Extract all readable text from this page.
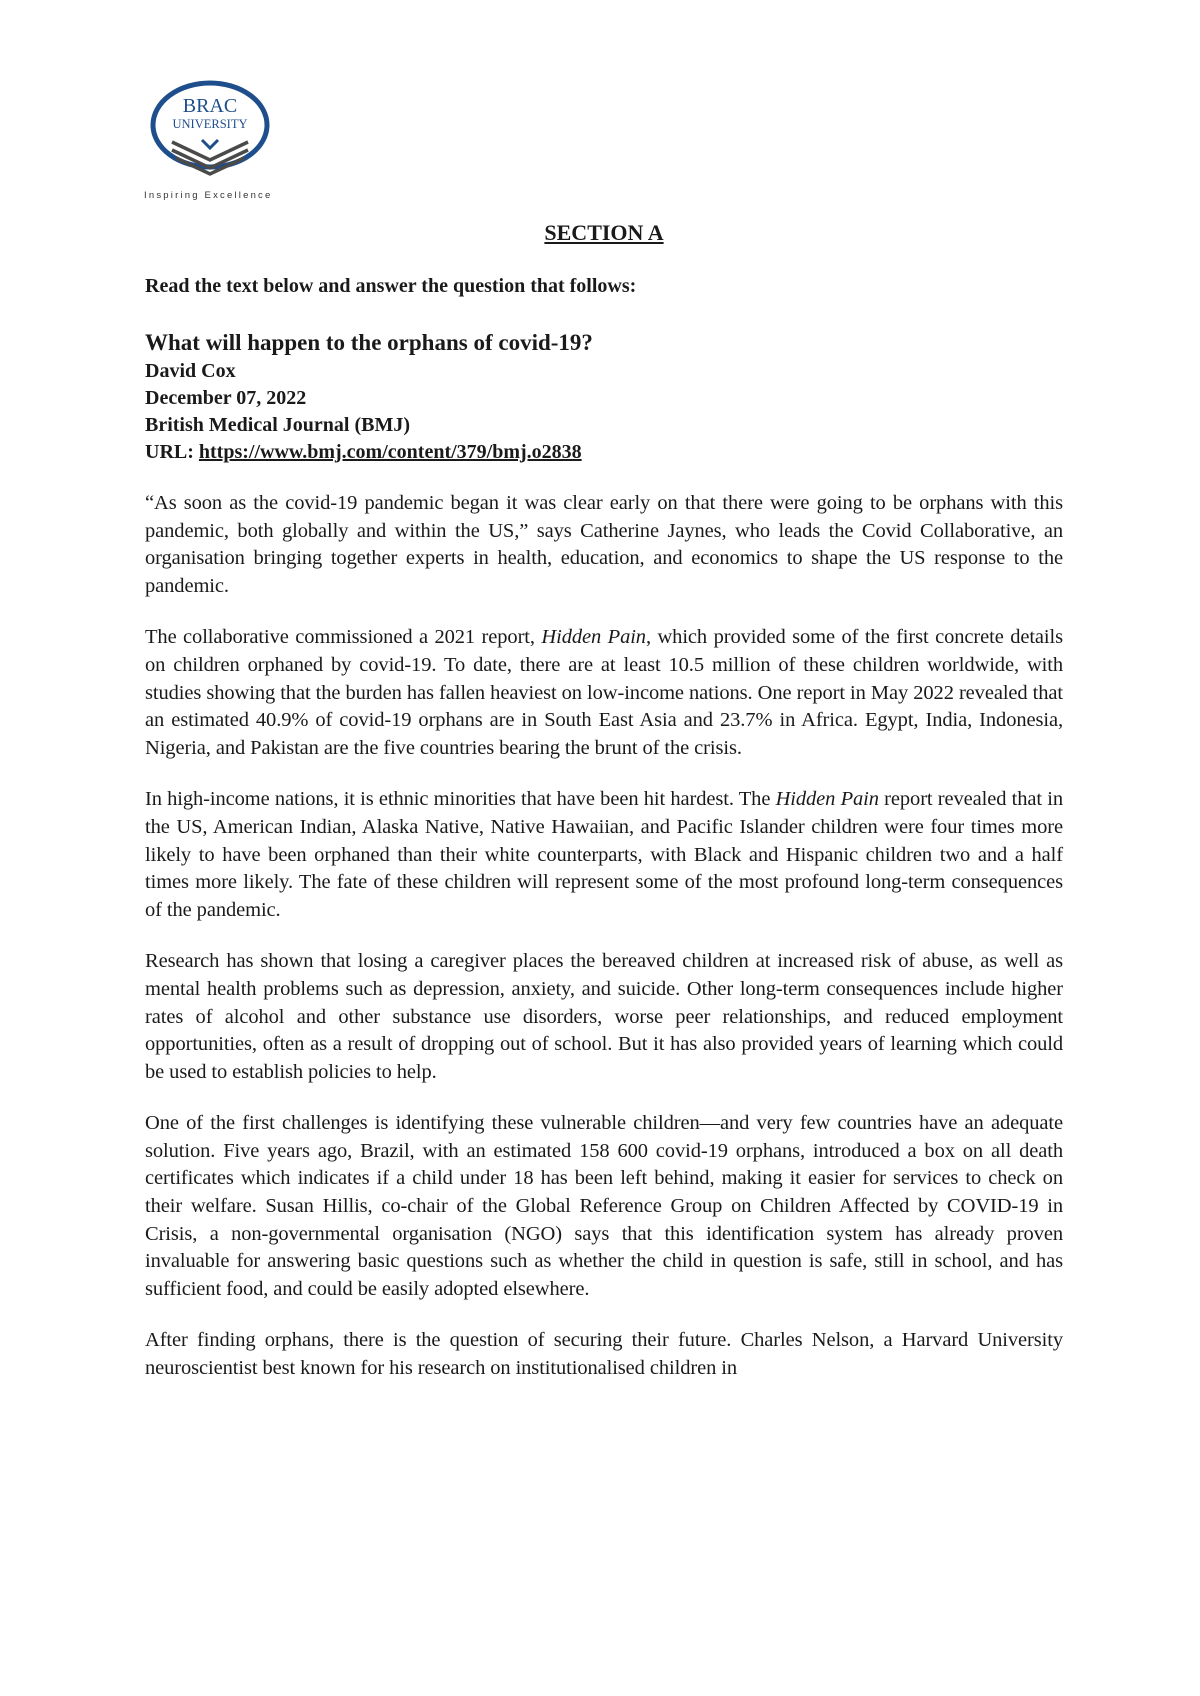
BRAC
UNIVERSITY
Inspiring Excellence
SECTION A
Read the text below and answer the question that follows:
What will happen to the orphans of covid-19?
David Cox
December 07, 2022
British Medical Journal (BMJ)
URL: https://www.bmj.com/content/379/bmj.o2838

“As soon as the covid-19 pandemic began it was clear early on that there were going to be orphans with this pandemic, both globally and within the US,” says Catherine Jaynes, who leads the Covid Collaborative, an organisation bringing together experts in health, education, and economics to shape the US response to the pandemic.

The collaborative commissioned a 2021 report, Hidden Pain, which provided some of the first concrete details on children orphaned by covid-19. To date, there are at least 10.5 million of these children worldwide, with studies showing that the burden has fallen heaviest on low-income nations. One report in May 2022 revealed that an estimated 40.9% of covid-19 orphans are in South East Asia and 23.7% in Africa. Egypt, India, Indonesia, Nigeria, and Pakistan are the five countries bearing the brunt of the crisis.

In high-income nations, it is ethnic minorities that have been hit hardest. The Hidden Pain report revealed that in the US, American Indian, Alaska Native, Native Hawaiian, and Pacific Islander children were four times more likely to have been orphaned than their white counterparts, with Black and Hispanic children two and a half times more likely. The fate of these children will represent some of the most profound long-term consequences of the pandemic.

Research has shown that losing a caregiver places the bereaved children at increased risk of abuse, as well as mental health problems such as depression, anxiety, and suicide. Other long-term consequences include higher rates of alcohol and other substance use disorders, worse peer relationships, and reduced employment opportunities, often as a result of dropping out of school. But it has also provided years of learning which could be used to establish policies to help.

One of the first challenges is identifying these vulnerable children—and very few countries have an adequate solution. Five years ago, Brazil, with an estimated 158 600 covid-19 orphans, introduced a box on all death certificates which indicates if a child under 18 has been left behind, making it easier for services to check on their welfare. Susan Hillis, co-chair of the Global Reference Group on Children Affected by COVID-19 in Crisis, a non-governmental organisation (NGO) says that this identification system has already proven invaluable for answering basic questions such as whether the child in question is safe, still in school, and has sufficient food, and could be easily adopted elsewhere.

After finding orphans, there is the question of securing their future. Charles Nelson, a Harvard University neuroscientist best known for his research on institutionalised children in
